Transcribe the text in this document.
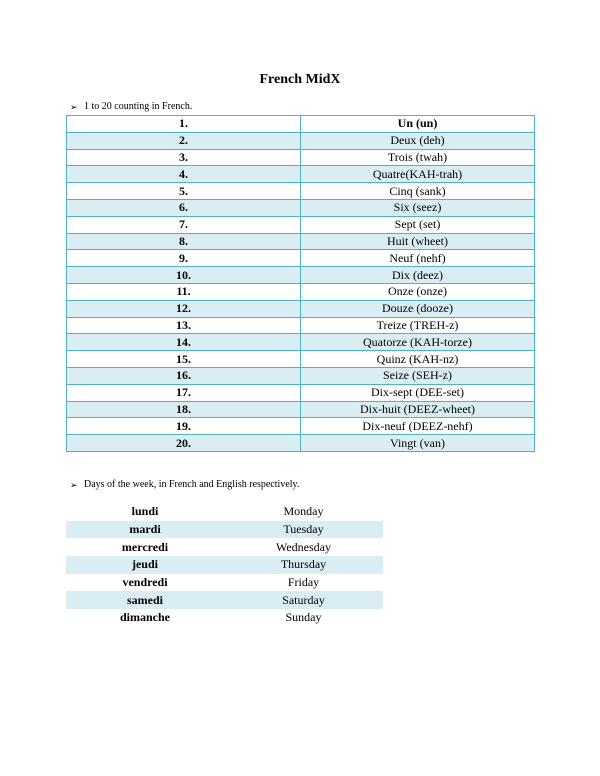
French MidX
➢ 1 to 20 counting in French.
1.	Un (un)
2.	Deux (deh)
3.	Trois (twah)
4.	Quatre(KAH-trah)
5.	Cinq (sank)
6.	Six (seez)
7.	Sept (set)
8.	Huit (wheet)
9.	Neuf (nehf)
10.	Dix (deez)
11.	Onze (onze)
12.	Douze (dooze)
13.	Treize (TREH-z)
14.	Quatorze (KAH-torze)
15.	Quinz (KAH-nz)
16.	Seize (SEH-z)
17.	Dix-sept (DEE-set)
18.	Dix-huit (DEEZ-wheet)
19.	Dix-neuf (DEEZ-nehf)
20.	Vingt (van)
➢ Days of the week, in French and English respectively.
lundi	Monday
mardi	Tuesday
mercredi	Wednesday
jeudi	Thursday
vendredi	Friday
samedi	Saturday
dimanche	Sunday
